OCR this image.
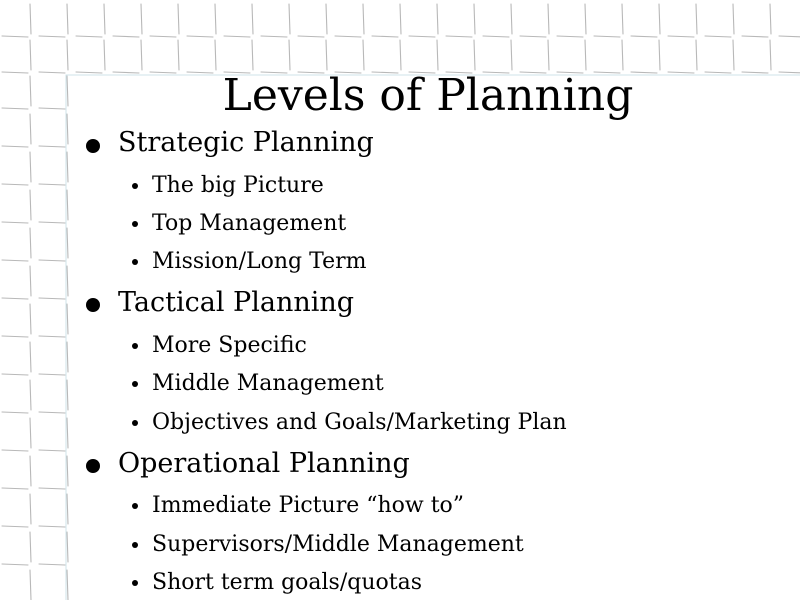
Levels of Planning
Strategic Planning
The big Picture
Top Management
Mission/Long Term
Tactical Planning
More Specific
Middle Management
Objectives and Goals/Marketing Plan
Operational Planning
Immediate Picture “how to”
Supervisors/Middle Management
Short term goals/quotas
